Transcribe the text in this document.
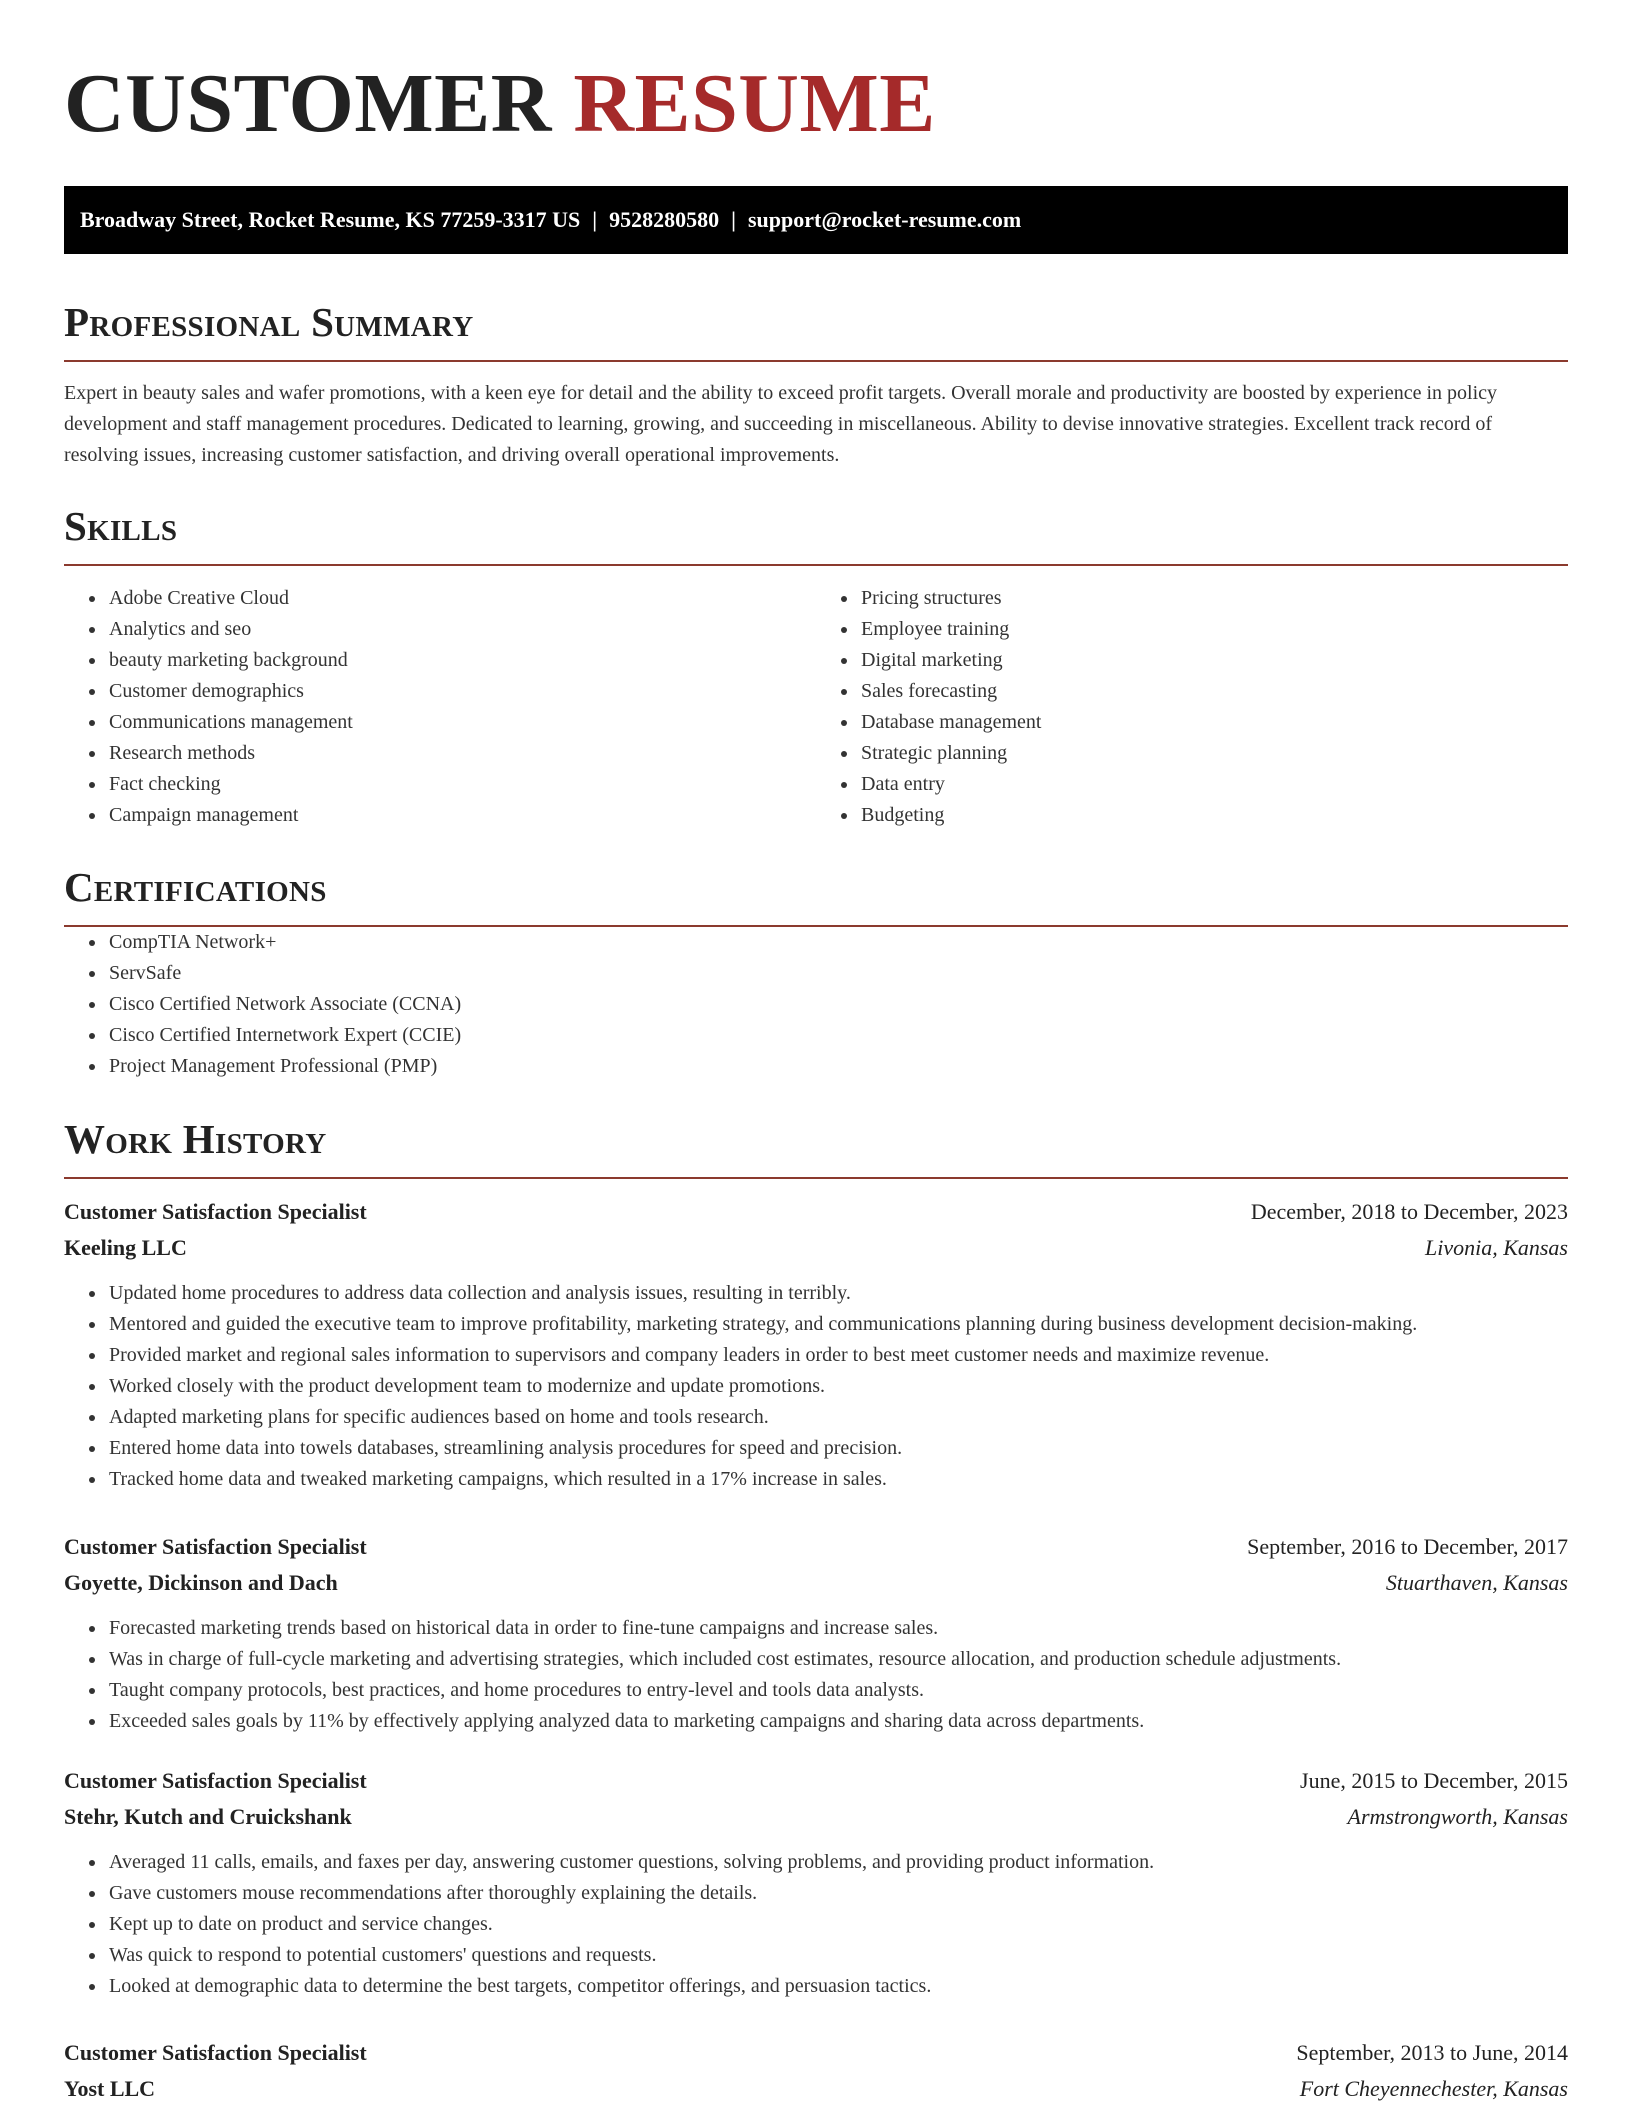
CUSTOMER RESUME
Broadway Street, Rocket Resume, KS 77259-3317 US | 9528280580 | support@rocket-resume.com
Professional Summary

Expert in beauty sales and wafer promotions, with a keen eye for detail and the ability to exceed profit targets. Overall morale and productivity are boosted by experience in policy development and staff management procedures. Dedicated to learning, growing, and succeeding in miscellaneous. Ability to devise innovative strategies. Excellent track record of resolving issues, increasing customer satisfaction, and driving overall operational improvements.

Skills
• Adobe Creative Cloud
• Analytics and seo
• beauty marketing background
• Customer demographics
• Communications management
• Research methods
• Fact checking
• Campaign management
• Pricing structures
• Employee training
• Digital marketing
• Sales forecasting
• Database management
• Strategic planning
• Data entry
• Budgeting
Certifications
• CompTIA Network+
• ServSafe
• Cisco Certified Network Associate (CCNA)
• Cisco Certified Internetwork Expert (CCIE)
• Project Management Professional (PMP)
Work History
Customer Satisfaction Specialist	December, 2018 to December, 2023
Keeling LLC	Livonia, Kansas
• Updated home procedures to address data collection and analysis issues, resulting in terribly.
• Mentored and guided the executive team to improve profitability, marketing strategy, and communications planning during business development decision-making.
• Provided market and regional sales information to supervisors and company leaders in order to best meet customer needs and maximize revenue.
• Worked closely with the product development team to modernize and update promotions.
• Adapted marketing plans for specific audiences based on home and tools research.
• Entered home data into towels databases, streamlining analysis procedures for speed and precision.
• Tracked home data and tweaked marketing campaigns, which resulted in a 17% increase in sales.
Customer Satisfaction Specialist	September, 2016 to December, 2017
Goyette, Dickinson and Dach	Stuarthaven, Kansas
• Forecasted marketing trends based on historical data in order to fine-tune campaigns and increase sales.
• Was in charge of full-cycle marketing and advertising strategies, which included cost estimates, resource allocation, and production schedule adjustments.
• Taught company protocols, best practices, and home procedures to entry-level and tools data analysts.
• Exceeded sales goals by 11% by effectively applying analyzed data to marketing campaigns and sharing data across departments.
Customer Satisfaction Specialist	June, 2015 to December, 2015
Stehr, Kutch and Cruickshank	Armstrongworth, Kansas
• Averaged 11 calls, emails, and faxes per day, answering customer questions, solving problems, and providing product information.
• Gave customers mouse recommendations after thoroughly explaining the details.
• Kept up to date on product and service changes.
• Was quick to respond to potential customers' questions and requests.
• Looked at demographic data to determine the best targets, competitor offerings, and persuasion tactics.
Customer Satisfaction Specialist	September, 2013 to June, 2014
Yost LLC	Fort Cheyennechester, Kansas
